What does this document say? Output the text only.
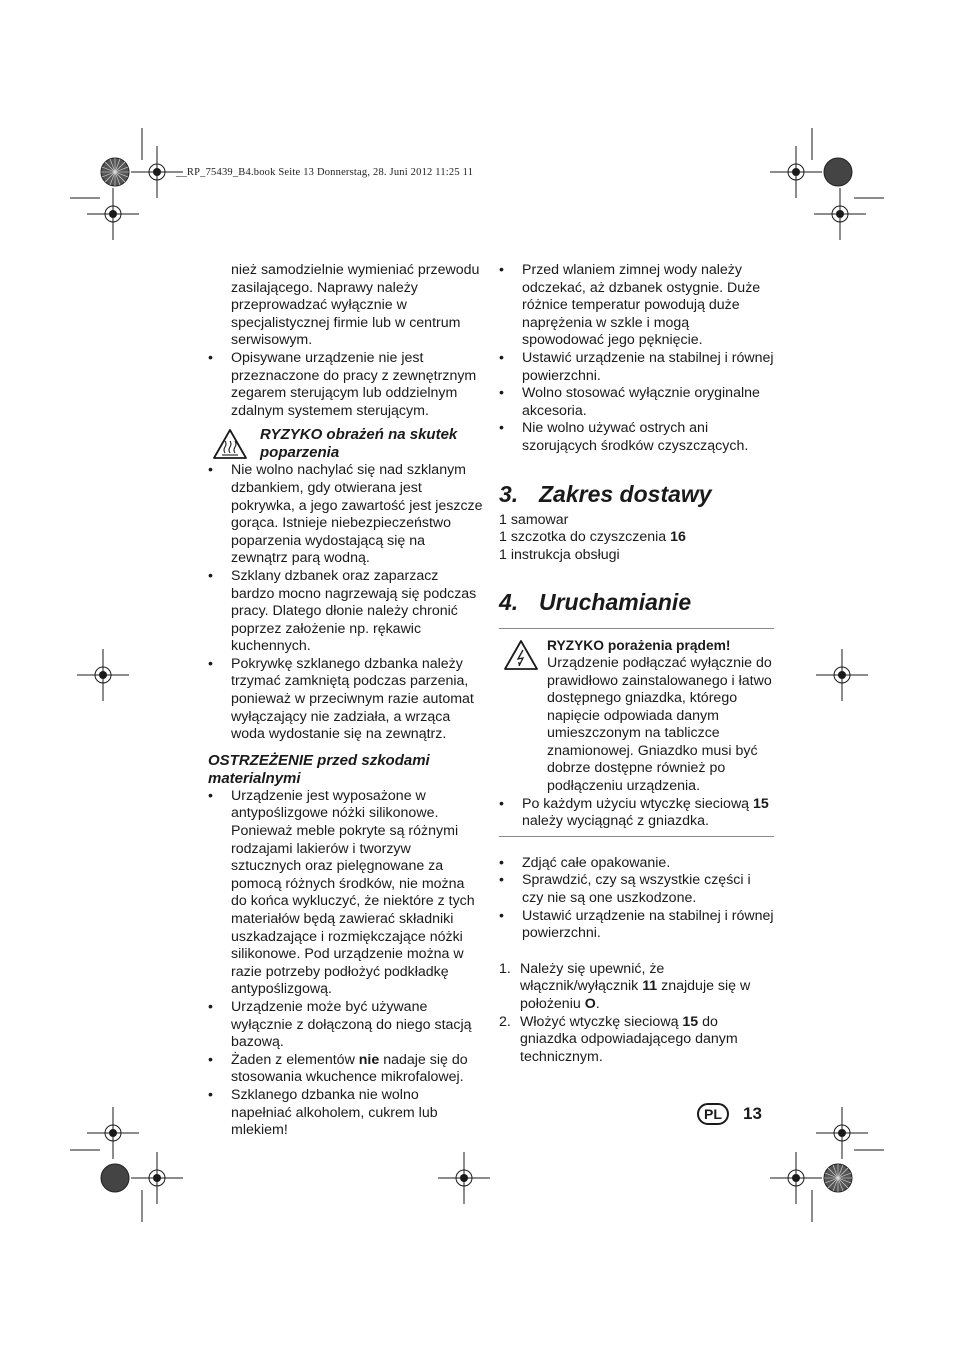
__RP_75439_B4.book Seite 13 Donnerstag, 28. Juni 2012 11:25 11

nież samodzielnie wymieniać przewodu zasilającego. Naprawy należy przeprowadzać wyłącznie w specjalistycznej firmie lub w centrum serwisowym.

• Opisywane urządzenie nie jest przeznaczone do pracy z zewnętrznym zegarem sterującym lub oddzielnym zdalnym systemem sterującym.
RYZYKO obrażeń na skutek poparzenia
• Nie wolno nachylać się nad szklanym dzbankiem, gdy otwierana jest pokrywka, a jego zawartość jest jeszcze gorąca. Istnieje niebezpieczeństwo poparzenia wydostającą się na zewnątrz parą wodną.
• Szklany dzbanek oraz zaparzacz bardzo mocno nagrzewają się podczas pracy. Dlatego dłonie należy chronić poprzez założenie np. rękawic kuchennych.
• Pokrywkę szklanego dzbanka należy trzymać zamkniętą podczas parzenia, ponieważ w przeciwnym razie automat wyłączający nie zadziała, a wrząca woda wydostanie się na zewnątrz.
OSTRZEŻENIE przed szkodami materialnymi
• Urządzenie jest wyposażone w antypoślizgowe nóżki silikonowe. Ponieważ meble pokryte są różnymi rodzajami lakierów i tworzyw sztucznych oraz pielęgnowane za pomocą różnych środków, nie można do końca wykluczyć, że niektóre z tych materiałów będą zawierać składniki uszkadzające i rozmiękczające nóżki silikonowe. Pod urządzenie można w razie potrzeby podłożyć podkładkę antypoślizgową.
• Urządzenie może być używane wyłącznie z dołączoną do niego stacją bazową.
• Żaden z elementów nie nadaje się do stosowania wkuchence mikrofalowej.
• Szklanego dzbanka nie wolno napełniać alkoholem, cukrem lub mlekiem!
• Przed wlaniem zimnej wody należy odczekać, aż dzbanek ostygnie. Duże różnice temperatur powodują duże naprężenia w szkle i mogą spowodować jego pęknięcie.
• Ustawić urządzenie na stabilnej i równej powierzchni.
• Wolno stosować wyłącznie oryginalne akcesoria.
• Nie wolno używać ostrych ani szorujących środków czyszczących.
3. Zakres dostawy

1 samowar

1 szczotka do czyszczenia 16

1 instrukcja obsługi

4. Uruchamianie
RYZYKO porażenia prądem!

Urządzenie podłączać wyłącznie do prawidłowo zainstalowanego i łatwo dostępnego gniazdka, którego napięcie odpowiada danym umieszczonym na tabliczce znamionowej. Gniazdko musi być dobrze dostępne również po podłączeniu urządzenia.

• Po każdym użyciu wtyczkę sieciową 15 należy wyciągnąć z gniazdka.
• Zdjąć całe opakowanie.
• Sprawdzić, czy są wszystkie części i czy nie są one uszkodzone.
• Ustawić urządzenie na stabilnej i równej powierzchni.
1. Należy się upewnić, że włącznik/wyłącznik 11 znajduje się w położeniu O.
2. Włożyć wtyczkę sieciową 15 do gniazdka odpowiadającego danym technicznym.
PL	13
